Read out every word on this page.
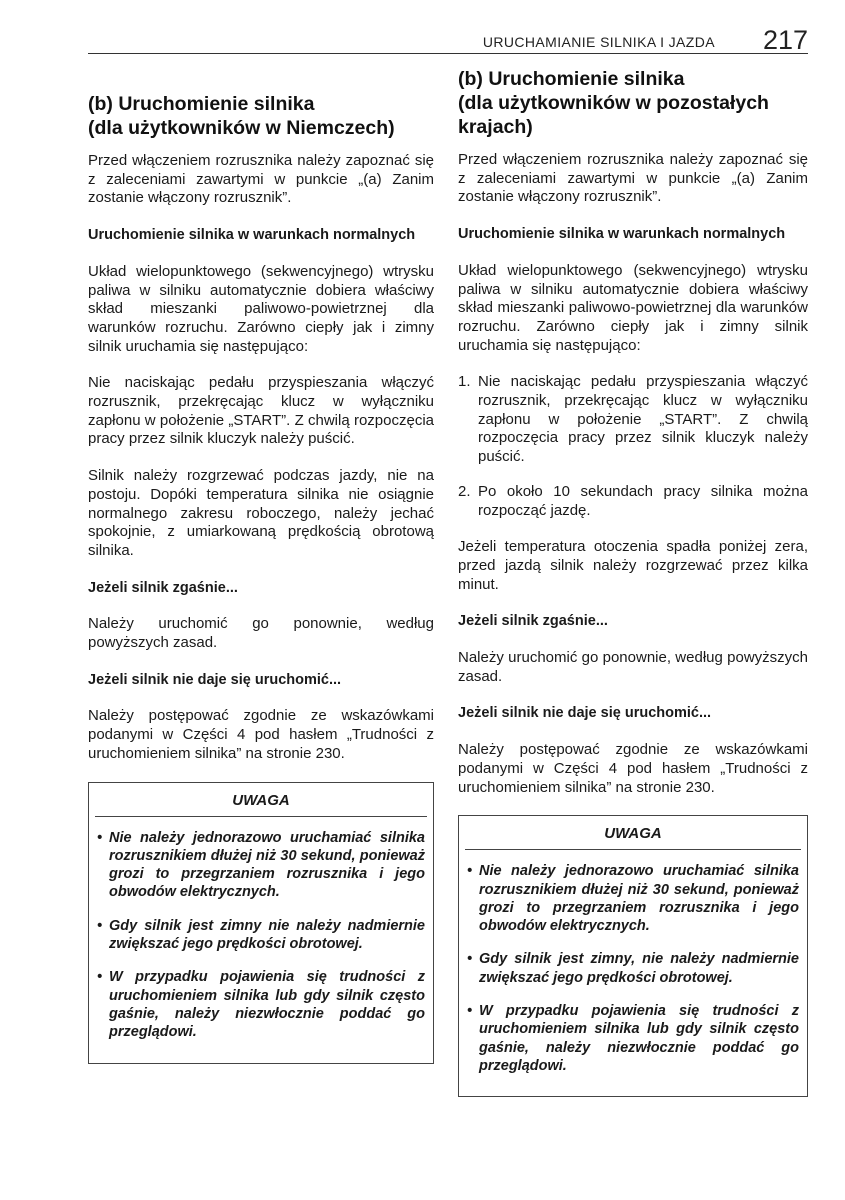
URUCHAMIANIE SILNIKA I JAZDA 217
(b) Uruchomienie silnika
(dla użytkowników w Niemczech)

Przed włączeniem rozrusznika należy zapoznać się z zaleceniami zawartymi w punkcie „(a) Zanim zostanie włączony rozrusznik”.

Uruchomienie silnika w warunkach normalnych

Układ wielopunktowego (sekwencyjnego) wtrysku paliwa w silniku automatycznie dobiera właściwy skład mieszanki paliwowo-powietrznej dla warunków rozruchu. Zarówno ciepły jak i zimny silnik uruchamia się następująco:

Nie naciskając pedału przyspieszania włączyć rozrusznik, przekręcając klucz w wyłączniku zapłonu w położenie „START”. Z chwilą rozpoczęcia pracy przez silnik kluczyk należy puścić.

Silnik należy rozgrzewać podczas jazdy, nie na postoju. Dopóki temperatura silnika nie osiągnie normalnego zakresu roboczego, należy jechać spokojnie, z umiarkowaną prędkością obrotową silnika.

Jeżeli silnik zgaśnie...

Należy uruchomić go ponownie, według powyższych zasad.

Jeżeli silnik nie daje się uruchomić...

Należy postępować zgodnie ze wskazówkami podanymi w Części 4 pod hasłem „Trudności z uruchomieniem silnika” na stronie 230.

UWAGA
• Nie należy jednorazowo uruchamiać silnika rozrusznikiem dłużej niż 30 sekund, ponieważ grozi to przegrzaniem rozrusznika i jego obwodów elektrycznych.
• Gdy silnik jest zimny nie należy nadmiernie zwiększać jego prędkości obrotowej.
• W przypadku pojawienia się trudności z uruchomieniem silnika lub gdy silnik często gaśnie, należy niezwłocznie poddać go przeglądowi.
(b) Uruchomienie silnika
(dla użytkowników w pozostałych
krajach)

Przed włączeniem rozrusznika należy zapoznać się z zaleceniami zawartymi w punkcie „(a) Zanim zostanie włączony rozrusznik”.

Uruchomienie silnika w warunkach normalnych

Układ wielopunktowego (sekwencyjnego) wtrysku paliwa w silniku automatycznie dobiera właściwy skład mieszanki paliwowo-powietrznej dla warunków rozruchu. Zarówno ciepły jak i zimny silnik uruchamia się następująco:

1. Nie naciskając pedału przyspieszania włączyć rozrusznik, przekręcając klucz w wyłączniku zapłonu w położenie „START”. Z chwilą rozpoczęcia pracy przez silnik kluczyk należy puścić.
2. Po około 10 sekundach pracy silnika można rozpocząć jazdę.

Jeżeli temperatura otoczenia spadła poniżej zera, przed jazdą silnik należy rozgrzewać przez kilka minut.

Jeżeli silnik zgaśnie...

Należy uruchomić go ponownie, według powyższych zasad.

Jeżeli silnik nie daje się uruchomić...

Należy postępować zgodnie ze wskazówkami podanymi w Części 4 pod hasłem „Trudności z uruchomieniem silnika” na stronie 230.

UWAGA
• Nie należy jednorazowo uruchamiać silnika rozrusznikiem dłużej niż 30 sekund, ponieważ grozi to przegrzaniem rozrusznika i jego obwodów elektrycznych.
• Gdy silnik jest zimny, nie należy nadmiernie zwiększać jego prędkości obrotowej.
• W przypadku pojawienia się trudności z uruchomieniem silnika lub gdy silnik często gaśnie, należy niezwłocznie poddać go przeglądowi.
